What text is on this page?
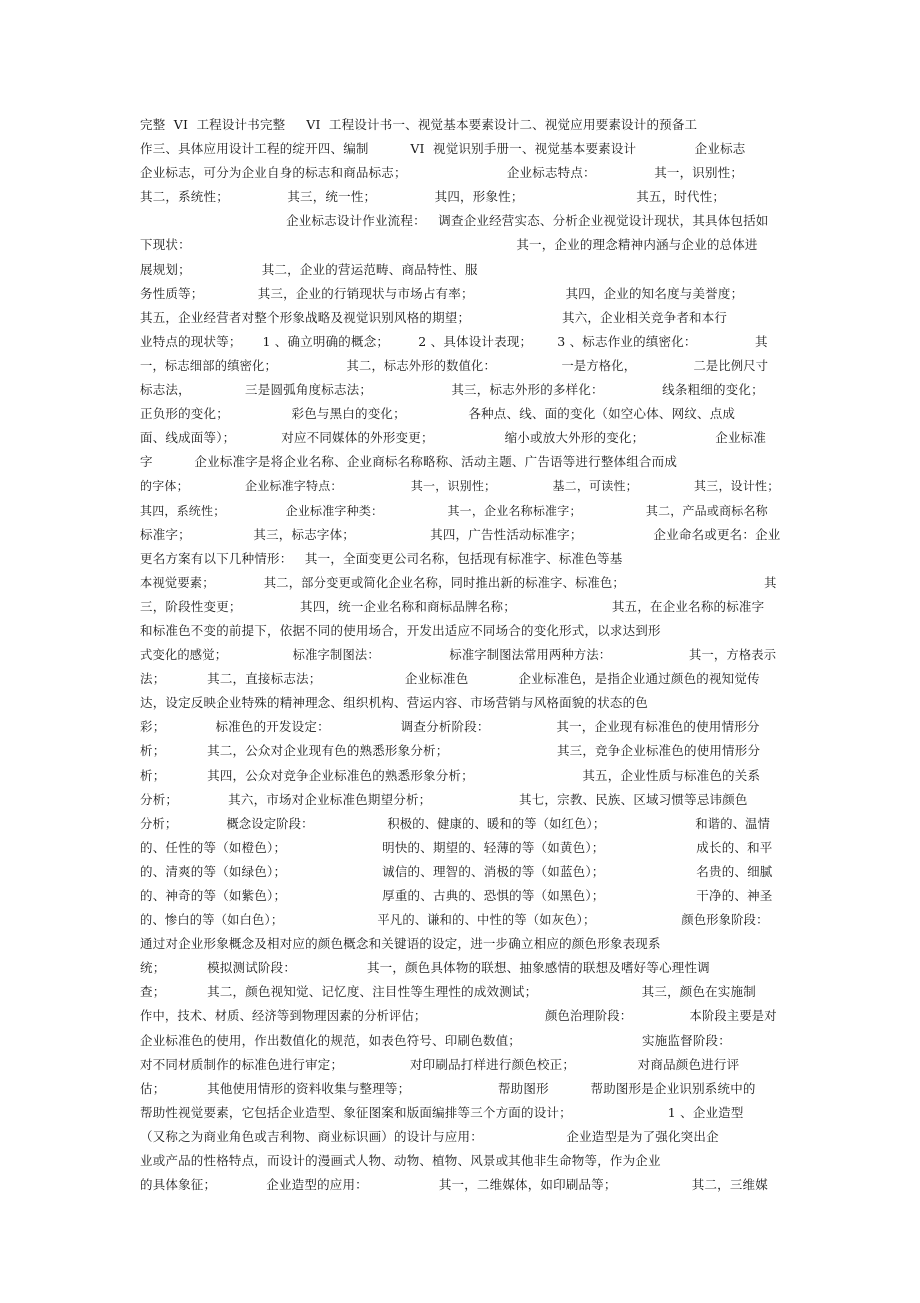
完整  VI  工程设计书完整     VI  工程设计书一、视觉基本要素设计二、视觉应用要素设计的预备工
作三、具体应用设计工程的绽开四、编制          VI  视觉识别手册一、视觉基本要素设计              企业标志
企业标志，可分为企业自身的标志和商品标志；                        企业标志特点：              其一，识别性；
其二，系统性；              其三，统一性；              其四，形象性；                           其五，时代性；
企业标志设计作业流程：   调查企业经营实态、分析企业视觉设计现状，其具体包括如
下现状：                                                                              其一，企业的理念精神内涵与企业的总体进
展规划；                 其二，企业的营运范畴、商品特性、服
务性质等；             其三，企业的行销现状与市场占有率；                      其四，企业的知名度与美誉度；
其五，企业经营者对整个形象战略及视觉识别风格的期望；                      其六，企业相关竞争者和本行
业特点的现状等；     1 、确立明确的概念；       2 、具体设计表现；      3 、标志作业的缜密化：              其
一，标志细部的缜密化；                 其二，标志外形的数值化：                一是方格化，              二是比例尺寸
标志法，             三是圆弧角度标志法；                   其三，标志外形的多样化：              线条粗细的变化；
正负形的变化；               彩色与黑白的变化；               各种点、线、面的变化（如空心体、网纹、点成
面、线成面等）；           对应不同媒体的外形变更；                 缩小或放大外形的变化；                 企业标准
字          企业标准字是将企业名称、企业商标名称略称、活动主题、广告语等进行整体组合而成
的字体；              企业标准字特点：                 其一，识别性；              基二，可读性；              其三，设计性；
其四，系统性；               企业标准字种类：                其一，企业名称标准字；                其二，产品或商标名称
标准字；               其三，标志字体；                  其四，广告性活动标准字；                 企业命名或更名：企业
更名方案有以下几种情形：   其一，全面变更公司名称，包括现有标准字、标准色等基
本视觉要素；            其二，部分变更或简化企业名称，同时推出新的标准字、标准色；                                  其
三，阶段性变更；              其四，统一企业名称和商标品牌名称；                       其五，在企业名称的标准字
和标准色不变的前提下，依据不同的使用场合，开发出适应不同场合的变化形式，以求达到形
式变化的感觉；                标准字制图法：                 标准字制图法常用两种方法：                   其一，方格表示
法；          其二，直接标志法；                    企业标准色            企业标准色，是指企业通过颜色的视知觉传
达，设定反映企业特殊的精神理念、组织机构、营运内容、市场营销与风格面貌的状态的色
彩；            标准色的开发设定：                 调查分析阶段：                其一，企业现有标准色的使用情形分
析；          其二，公众对企业现有色的熟悉形象分析；                          其三，竞争企业标准色的使用情形分
析；          其四，公众对竞争企业标准色的熟悉形象分析；                          其五，企业性质与标准色的关系
分析；            其六，市场对企业标准色期望分析；                     其七，宗教、民族、区域习惯等忌讳颜色
分析；            概念设定阶段：                  积极的、健康的、暖和的等（如红色）；                      和谐的、温情
的、任性的等（如橙色）；                       明快的、期望的、轻薄的等（如黄色）；                      成长的、和平
的、清爽的等（如绿色）；                       诚信的、理智的、消极的等（如蓝色）；                      名贵的、细腻
的、神奇的等（如紫色）；                       厚重的、古典的、恐惧的等（如黑色）；                      干净的、神圣
的、惨白的等（如白色）；                       平凡的、谦和的、中性的等（如灰色）；                     颜色形象阶段：
通过对企业形象概念及相对应的颜色概念和关键语的设定，进一步确立相应的颜色形象表现系
统；          模拟测试阶段：                 其一，颜色具体物的联想、抽象感情的联想及嗜好等心理性调
查；          其二，颜色视知觉、记忆度、注目性等生理性的成效测试；                         其三，颜色在实施制
作中，技术、材质、经济等到物理因素的分析评估；                             颜色治理阶段：              本阶段主要是对
企业标准色的使用，作出数值化的规范，如表色符号、印刷色数值；                             实施监督阶段：
对不同材质制作的标准色进行审定；                对印刷品打样进行颜色校正；               对商品颜色进行评
估；          其他使用情形的资料收集与整理等；                     帮助图形          帮助图形是企业识别系统中的
帮助性视觉要素，它包括企业造型、象征图案和版面编排等三个方面的设计；                       1 、企业造型
（又称之为商业角色或吉利物、商业标识画）的设计与应用：                    企业造型是为了强化突出企
业或产品的性格特点，而设计的漫画式人物、动物、植物、风景或其他非生命物等，作为企业
的具体象征；            企业造型的应用：                 其一，二维媒体，如印刷品等；                  其二，三维媒
